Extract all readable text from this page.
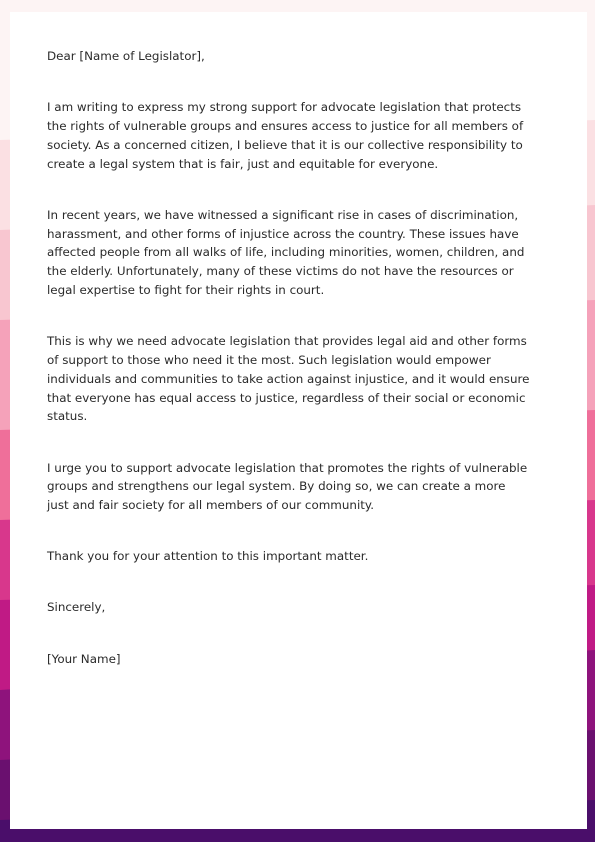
Dear [Name of Legislator],

I am writing to express my strong support for advocate legislation that protects the rights of vulnerable groups and ensures access to justice for all members of society. As a concerned citizen, I believe that it is our collective responsibility to create a legal system that is fair, just and equitable for everyone.

In recent years, we have witnessed a significant rise in cases of discrimination, harassment, and other forms of injustice across the country. These issues have affected people from all walks of life, including minorities, women, children, and the elderly. Unfortunately, many of these victims do not have the resources or legal expertise to fight for their rights in court.

This is why we need advocate legislation that provides legal aid and other forms of support to those who need it the most. Such legislation would empower individuals and communities to take action against injustice, and it would ensure that everyone has equal access to justice, regardless of their social or economic status.

I urge you to support advocate legislation that promotes the rights of vulnerable groups and strengthens our legal system. By doing so, we can create a more just and fair society for all members of our community.

Thank you for your attention to this important matter.

Sincerely,

[Your Name]
